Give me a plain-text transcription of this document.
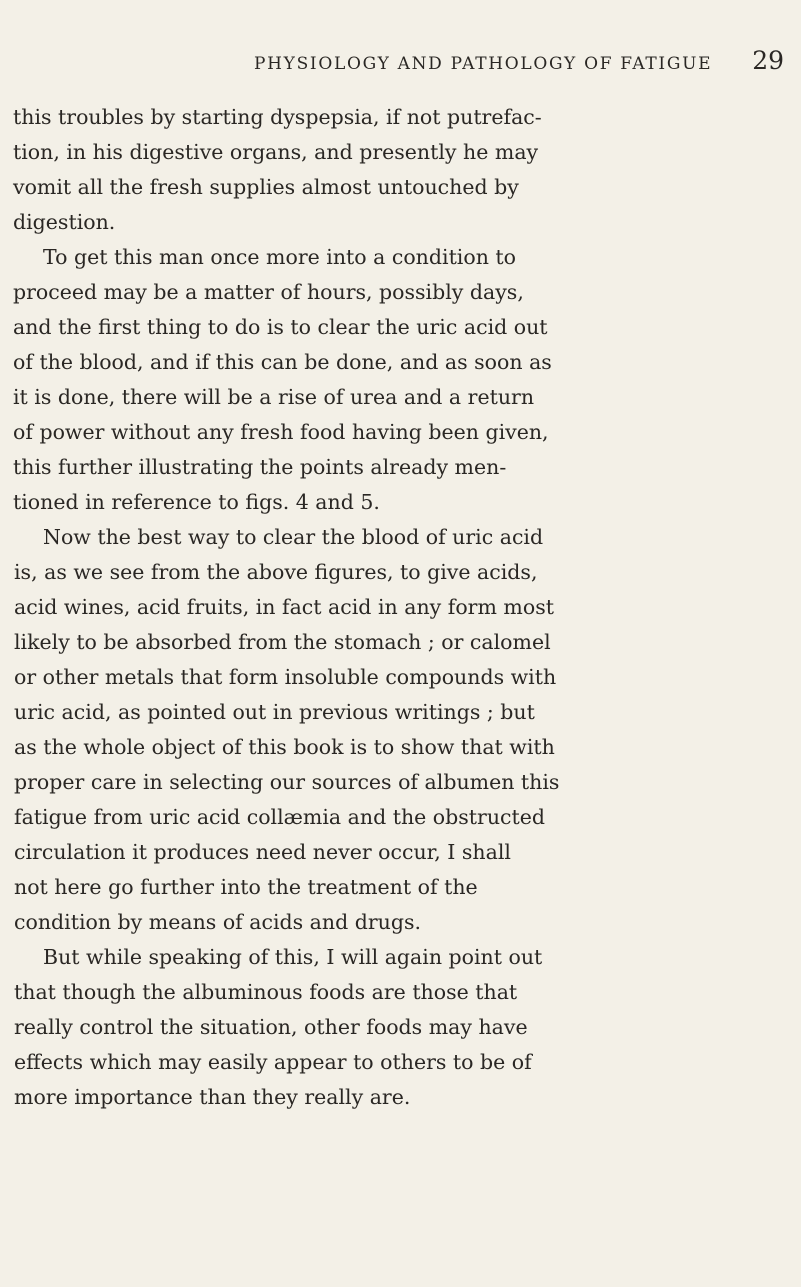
PHYSIOLOGY AND PATHOLOGY OF FATIGUE 29
this troubles by starting dyspepsia, if not putrefac-
tion, in his digestive organs, and presently he may
vomit all the fresh supplies almost untouched by
digestion.
To get this man once more into a condition to
proceed may be a matter of hours, possibly days,
and the first thing to do is to clear the uric acid out
of the blood, and if this can be done, and as soon as
it is done, there will be a rise of urea and a return
of power without any fresh food having been given,
this further illustrating the points already men-
tioned in reference to figs. 4 and 5.
Now the best way to clear the blood of uric acid
is, as we see from the above figures, to give acids,
acid wines, acid fruits, in fact acid in any form most
likely to be absorbed from the stomach ; or calomel
or other metals that form insoluble compounds with
uric acid, as pointed out in previous writings ; but
as the whole object of this book is to show that with
proper care in selecting our sources of albumen this
fatigue from uric acid collæmia and the obstructed
circulation it produces need never occur, I shall
not here go further into the treatment of the
condition by means of acids and drugs.
But while speaking of this, I will again point out
that though the albuminous foods are those that
really control the situation, other foods may have
effects which may easily appear to others to be of
more importance than they really are.
